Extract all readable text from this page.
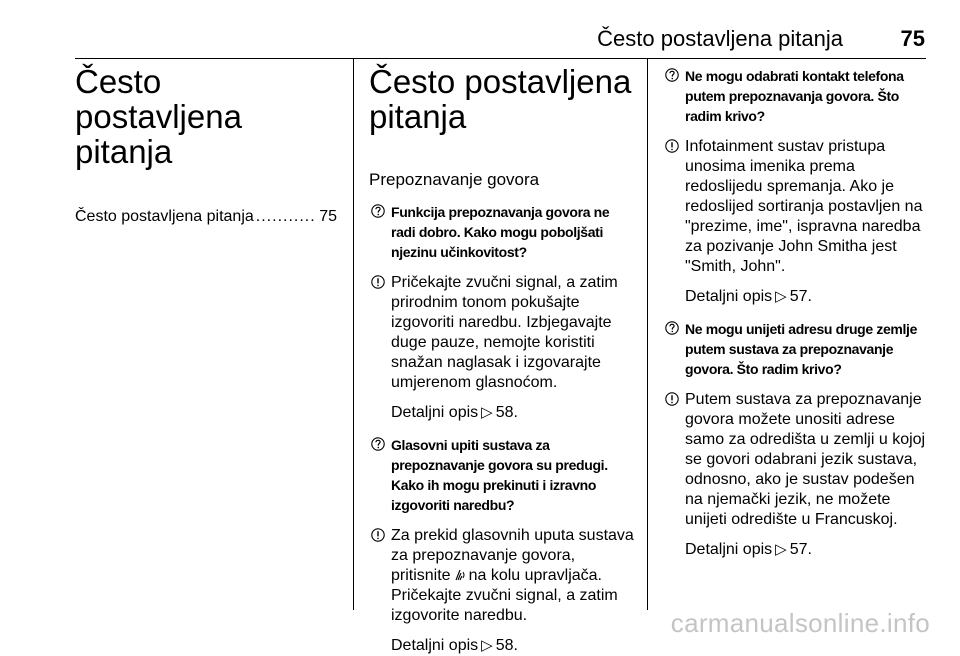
Često postavljena pitanja	75
Često postavljena pitanja
Često postavljena pitanja
.....	75
Često postavljena pitanja
Prepoznavanje govora
Funkcija prepoznavanja govora ne radi dobro. Kako mogu poboljšati njezinu učinkovitost?
Pričekajte zvučni signal, a zatim prirodnim tonom pokušajte izgovoriti naredbu. Izbjegavajte duge pauze, nemojte koristiti snažan naglasak i izgovarajte umjerenom glasnoćom.
Detaljni opis ▷ 58.
Glasovni upiti sustava za prepoznavanje govora su predugi. Kako ih mogu prekinuti i izravno izgovoriti naredbu?
Za prekid glasovnih uputa sustava za prepoznavanje govora, pritisnite na kolu upravljača. Pričekajte zvučni signal, a zatim izgovorite naredbu.
Detaljni opis ▷ 58.
Ne mogu odabrati kontakt telefona putem prepoznavanja govora. Što radim krivo?
Infotainment sustav pristupa unosima imenika prema redoslijedu spremanja. Ako je redoslijed sortiranja postavljen na "prezime, ime", ispravna naredba za pozivanje John Smitha jest "Smith, John".
Detaljni opis ▷ 57.
Ne mogu unijeti adresu druge zemlje putem sustava za prepoznavanje govora. Što radim krivo?
Putem sustava za prepoznavanje govora možete unositi adrese samo za odredišta u zemlji u kojoj se govori odabrani jezik sustava, odnosno, ako je sustav podešen na njemački jezik, ne možete unijeti odredište u Francuskoj.
Detaljni opis ▷ 57.
carmanualsonline.info
